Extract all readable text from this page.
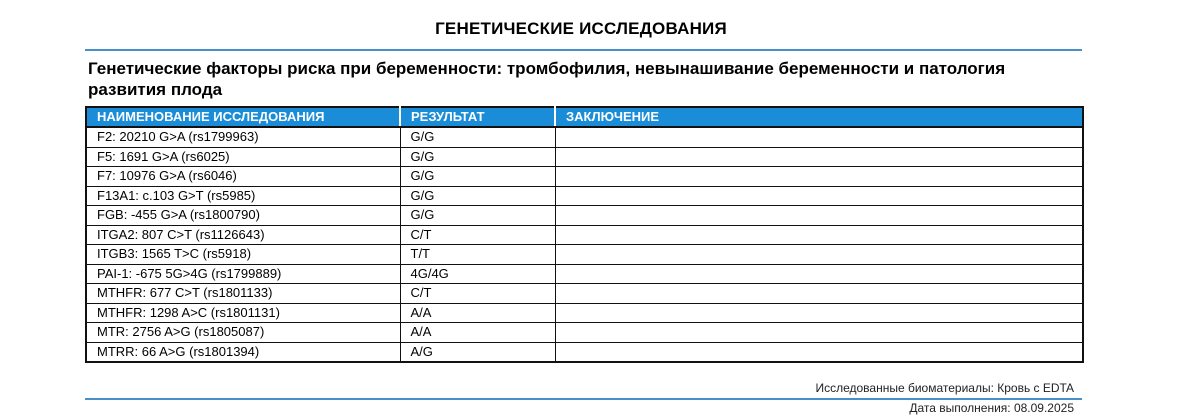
ГЕНЕТИЧЕСКИЕ ИССЛЕДОВАНИЯ
Генетические факторы риска при беременности: тромбофилия, невынашивание беременности и патология развития плода
НАИМЕНОВАНИЕ ИССЛЕДОВАНИЯ	РЕЗУЛЬТАТ	ЗАКЛЮЧЕНИЕ
F2: 20210 G>A (rs1799963)	G/G	
F5: 1691 G>A (rs6025)	G/G	
F7: 10976 G>A (rs6046)	G/G	
F13A1: c.103 G>T (rs5985)	G/G	
FGB: -455 G>A (rs1800790)	G/G	
ITGA2: 807 C>T (rs1126643)	C/T	
ITGB3: 1565 T>C (rs5918)	T/T	
PAI-1: -675 5G>4G (rs1799889)	4G/4G	
MTHFR: 677 C>T (rs1801133)	C/T	
MTHFR: 1298 A>C (rs1801131)	A/A	
MTR: 2756 A>G (rs1805087)	A/A	
MTRR: 66 A>G (rs1801394)	A/G	
Исследованные биоматериалы: Кровь с EDTA
Дата выполнения: 08.09.2025
